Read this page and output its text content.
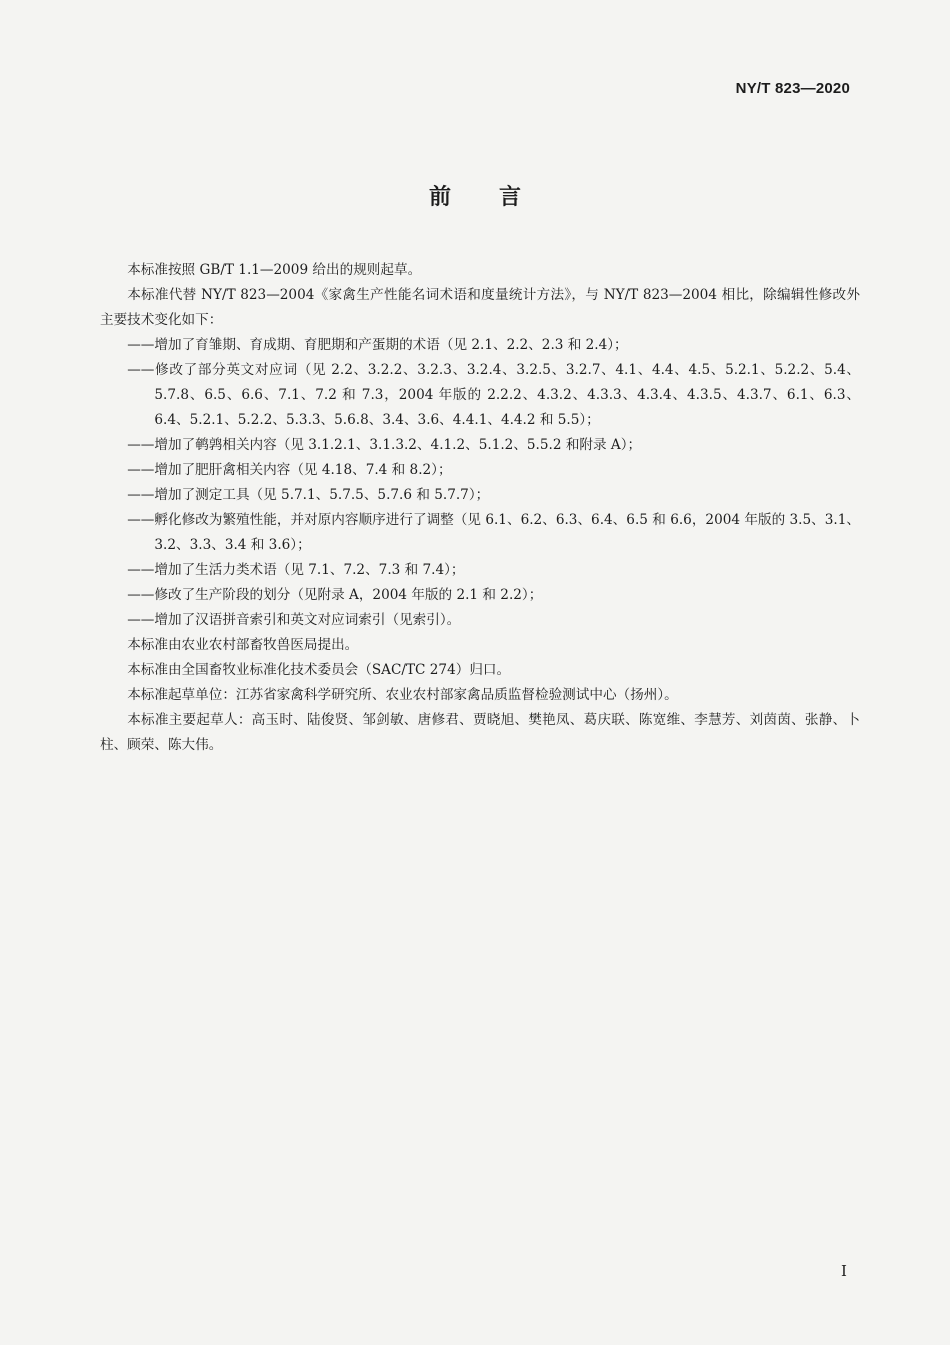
NY/T 823—2020
前言

本标准按照 GB/T 1.1—2009 给出的规则起草。

本标准代替 NY/T 823—2004《家禽生产性能名词术语和度量统计方法》，与 NY/T 823—2004 相比，除编辑性修改外主要技术变化如下：

——增加了育雏期、育成期、育肥期和产蛋期的术语（见 2.1、2.2、2.3 和 2.4）；

——修改了部分英文对应词（见 2.2、3.2.2、3.2.3、3.2.4、3.2.5、3.2.7、4.1、4.4、4.5、5.2.1、5.2.2、5.4、5.7.8、6.5、6.6、7.1、7.2 和 7.3，2004 年版的 2.2.2、4.3.2、4.3.3、4.3.4、4.3.5、4.3.7、6.1、6.3、6.4、5.2.1、5.2.2、5.3.3、5.6.8、3.4、3.6、4.4.1、4.4.2 和 5.5）；

——增加了鹌鹑相关内容（见 3.1.2.1、3.1.3.2、4.1.2、5.1.2、5.5.2 和附录 A）；

——增加了肥肝禽相关内容（见 4.18、7.4 和 8.2）；

——增加了测定工具（见 5.7.1、5.7.5、5.7.6 和 5.7.7）；

——孵化修改为繁殖性能，并对原内容顺序进行了调整（见 6.1、6.2、6.3、6.4、6.5 和 6.6，2004 年版的 3.5、3.1、3.2、3.3、3.4 和 3.6）；

——增加了生活力类术语（见 7.1、7.2、7.3 和 7.4）；

——修改了生产阶段的划分（见附录 A，2004 年版的 2.1 和 2.2）；

——增加了汉语拼音索引和英文对应词索引（见索引）。

本标准由农业农村部畜牧兽医局提出。

本标准由全国畜牧业标准化技术委员会（SAC/TC 274）归口。

本标准起草单位：江苏省家禽科学研究所、农业农村部家禽品质监督检验测试中心（扬州）。

本标准主要起草人：高玉时、陆俊贤、邹剑敏、唐修君、贾晓旭、樊艳凤、葛庆联、陈宽维、李慧芳、刘茵茵、张静、卜柱、顾荣、陈大伟。

I
